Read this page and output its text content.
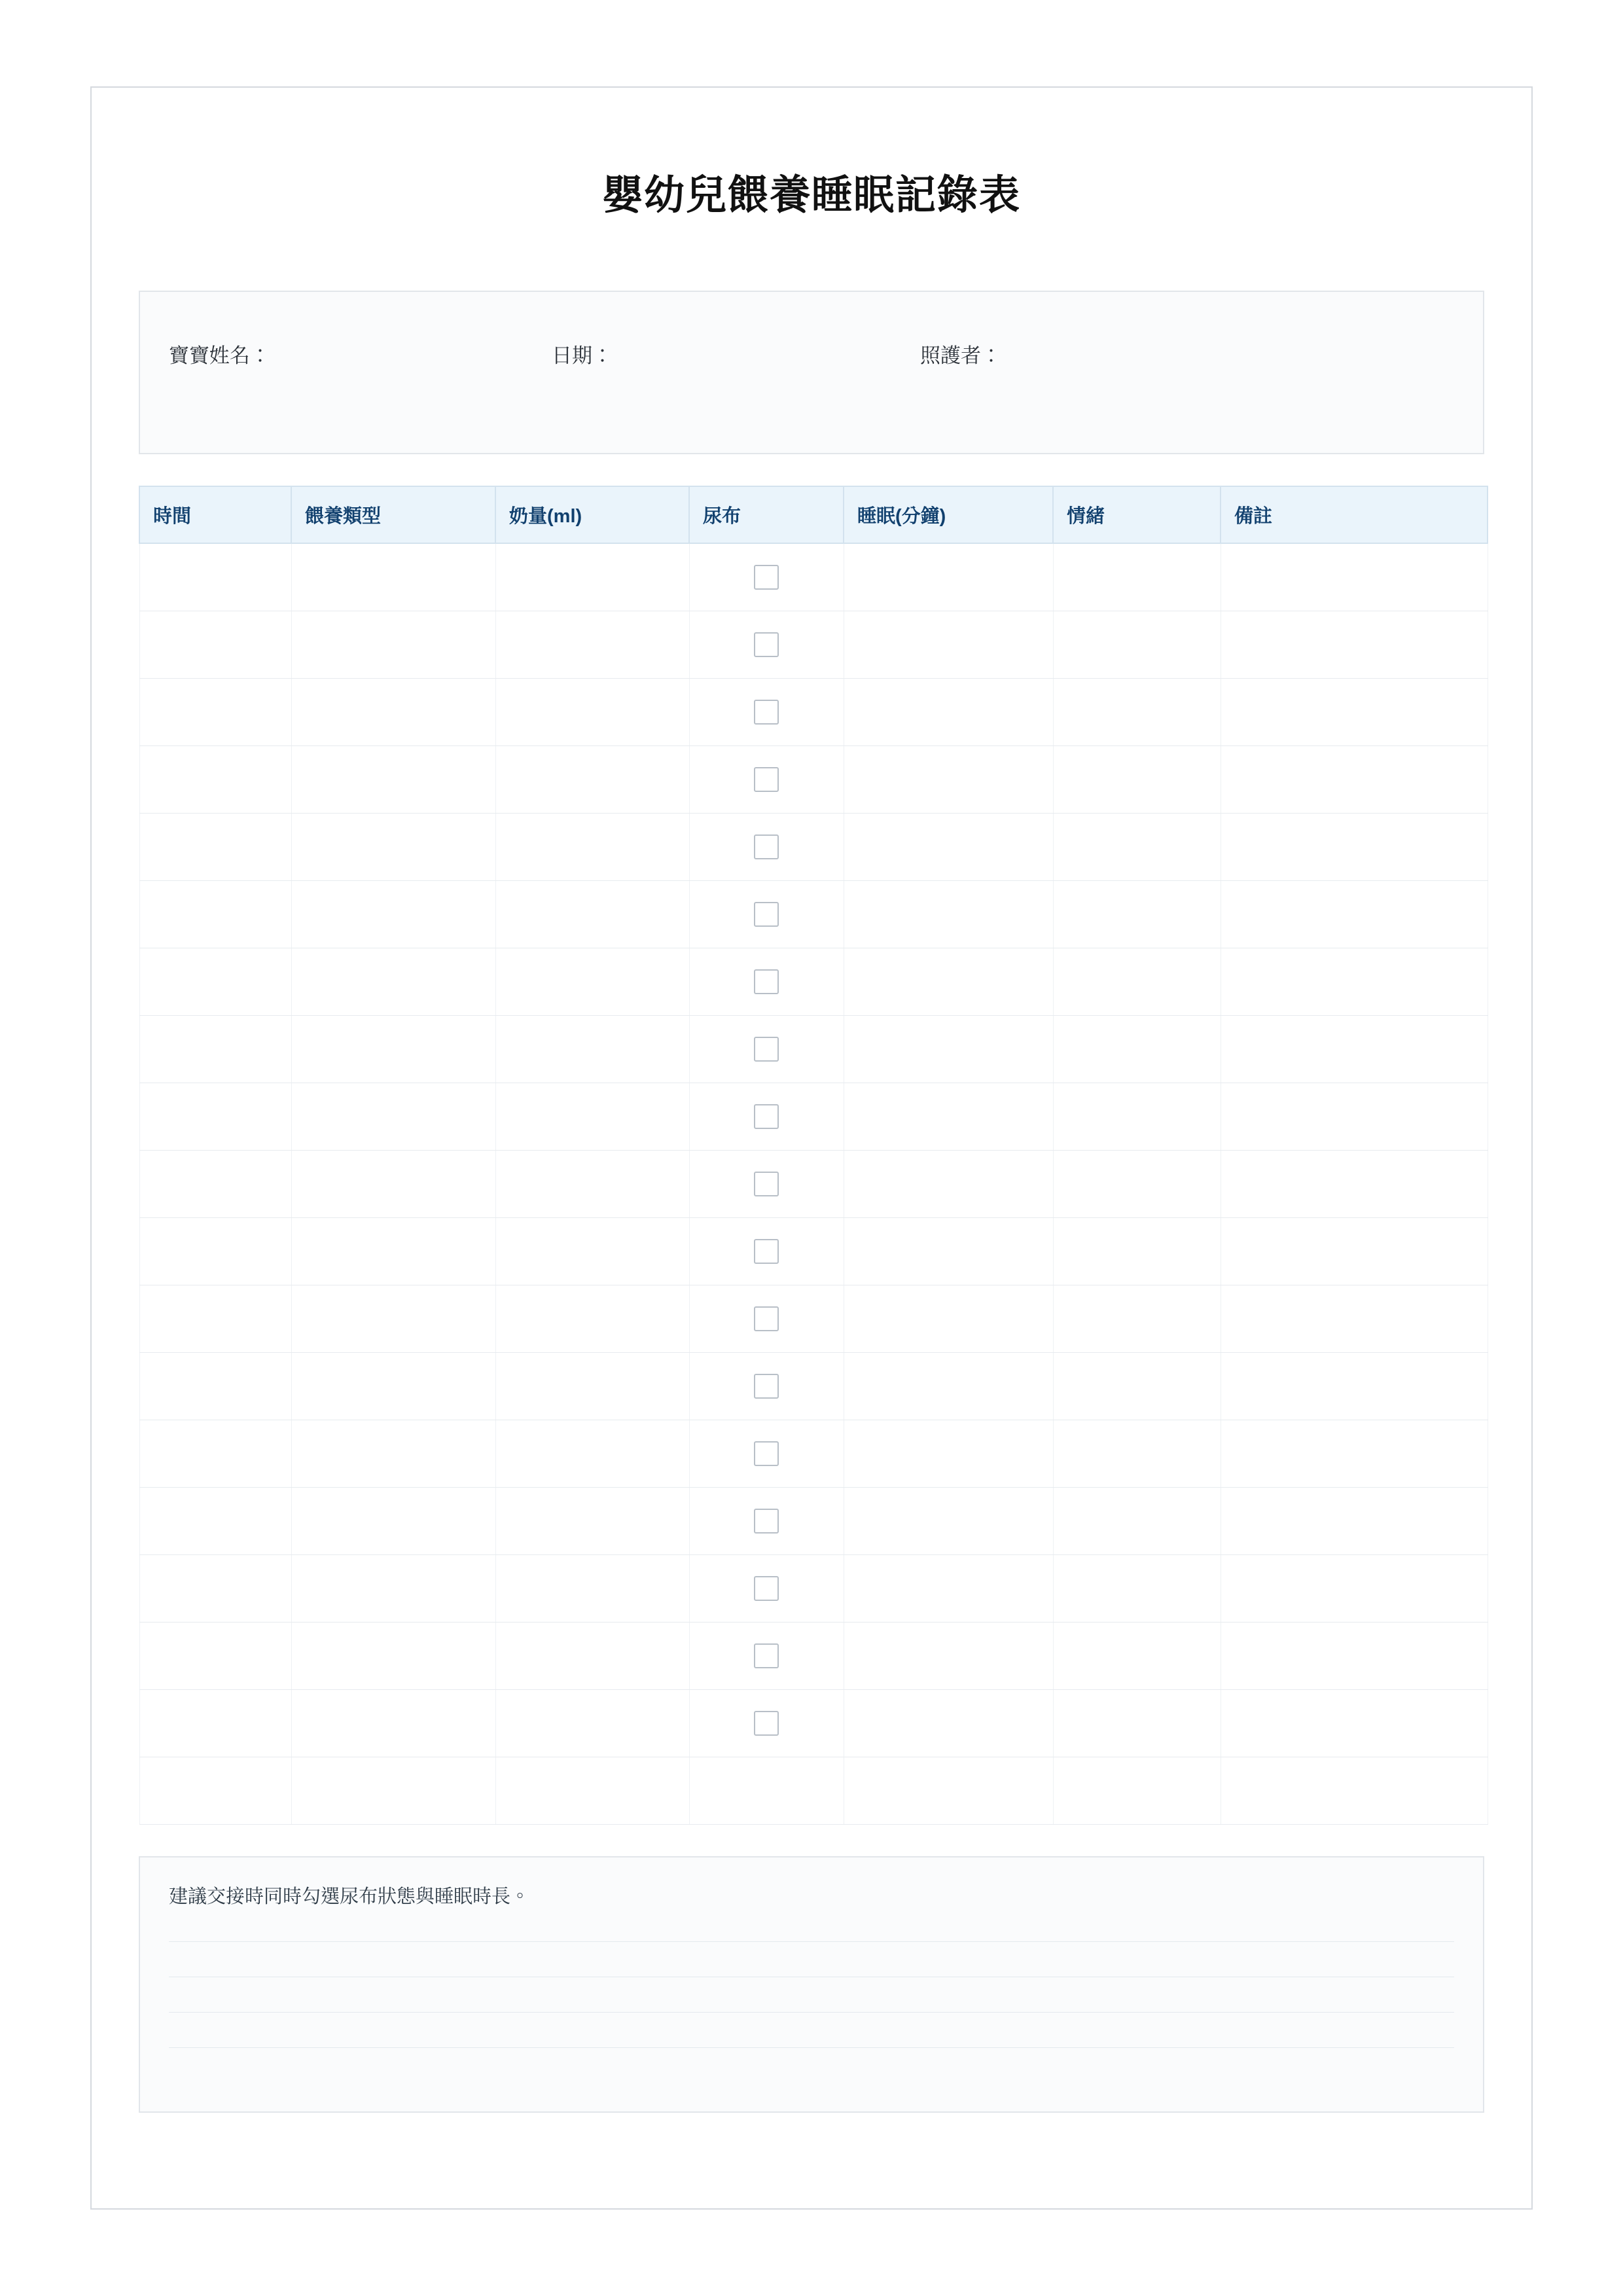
嬰幼兒餵養睡眠記錄表
寶寶姓名：	日期：	照護者：
時間	餵養類型	奶量(ml)	尿布	睡眠(分鐘)	情緒	備註

建議交接時同時勾選尿布狀態與睡眠時長。
